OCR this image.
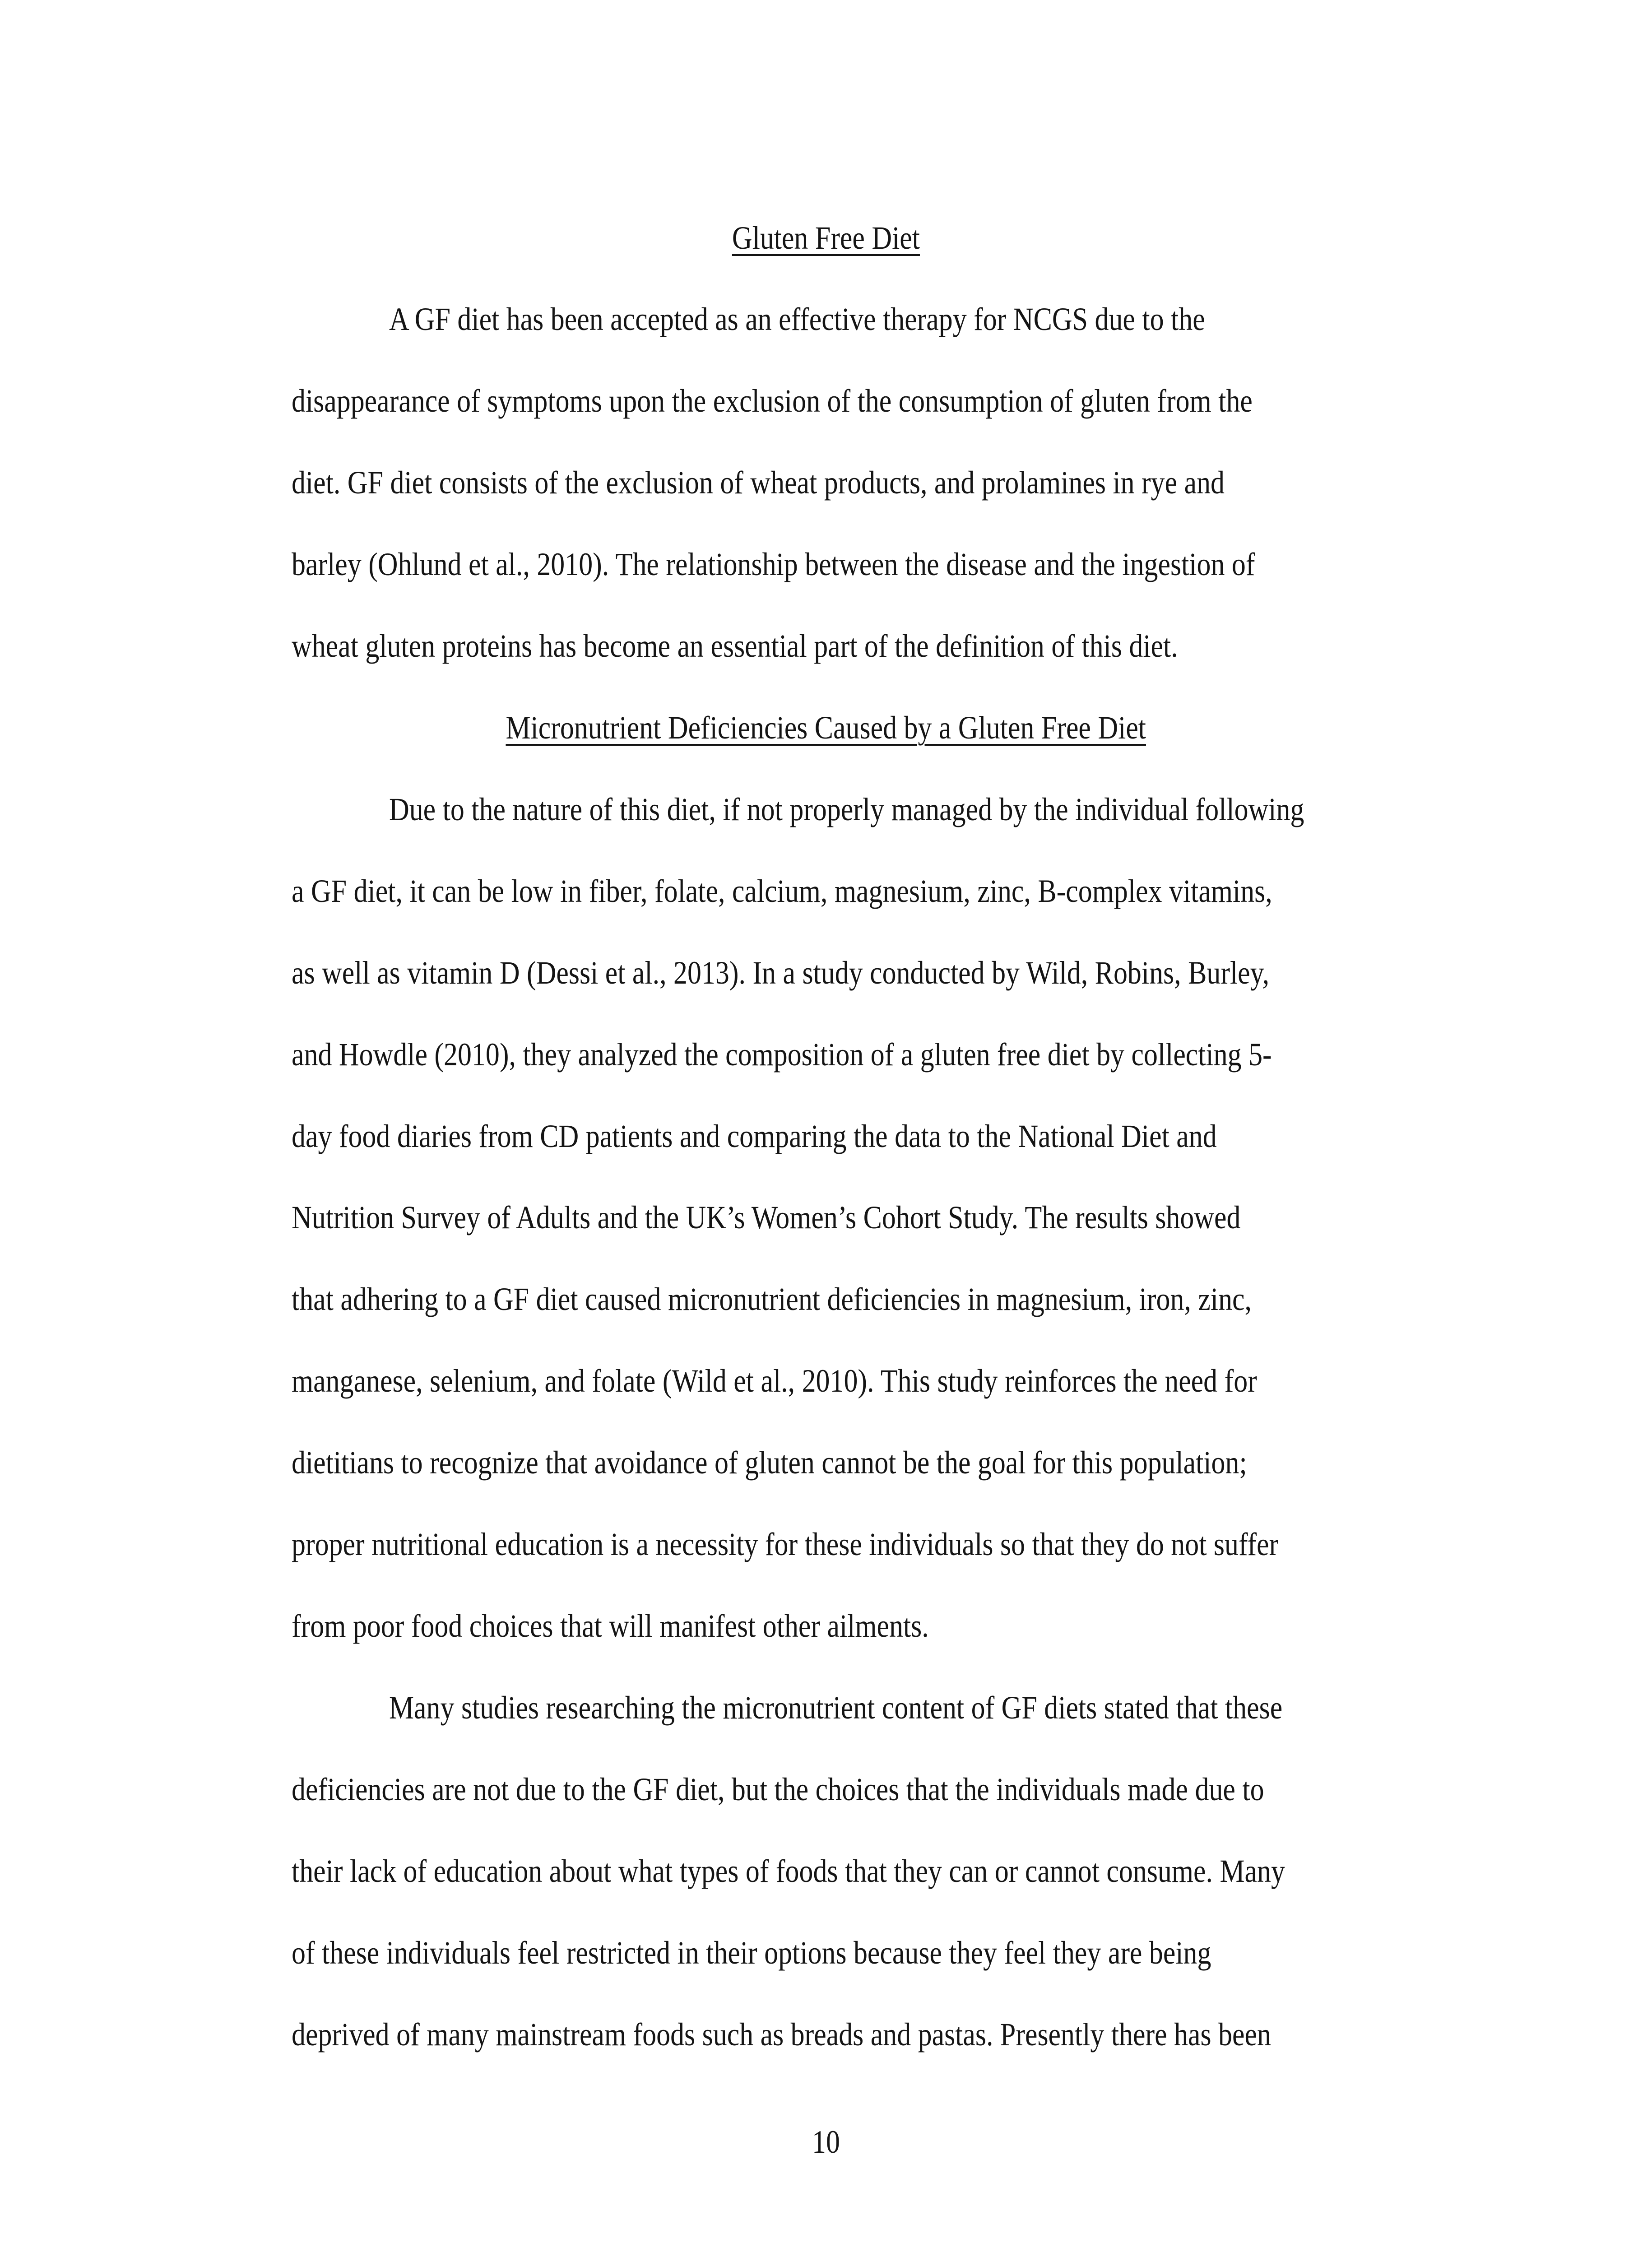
Gluten Free Diet
A GF diet has been accepted as an effective therapy for NCGS due to the
disappearance of symptoms upon the exclusion of the consumption of gluten from the
diet. GF diet consists of the exclusion of wheat products, and prolamines in rye and
barley (Ohlund et al., 2010). The relationship between the disease and the ingestion of
wheat gluten proteins has become an essential part of the definition of this diet.
Micronutrient Deficiencies Caused by a Gluten Free Diet
Due to the nature of this diet, if not properly managed by the individual following
a GF diet, it can be low in fiber, folate, calcium, magnesium, zinc, B-complex vitamins,
as well as vitamin D (Dessi et al., 2013). In a study conducted by Wild, Robins, Burley,
and Howdle (2010), they analyzed the composition of a gluten free diet by collecting 5-
day food diaries from CD patients and comparing the data to the National Diet and
Nutrition Survey of Adults and the UK’s Women’s Cohort Study. The results showed
that adhering to a GF diet caused micronutrient deficiencies in magnesium, iron, zinc,
manganese, selenium, and folate (Wild et al., 2010). This study reinforces the need for
dietitians to recognize that avoidance of gluten cannot be the goal for this population;
proper nutritional education is a necessity for these individuals so that they do not suffer
from poor food choices that will manifest other ailments.
Many studies researching the micronutrient content of GF diets stated that these
deficiencies are not due to the GF diet, but the choices that the individuals made due to
their lack of education about what types of foods that they can or cannot consume. Many
of these individuals feel restricted in their options because they feel they are being
deprived of many mainstream foods such as breads and pastas. Presently there has been
10
